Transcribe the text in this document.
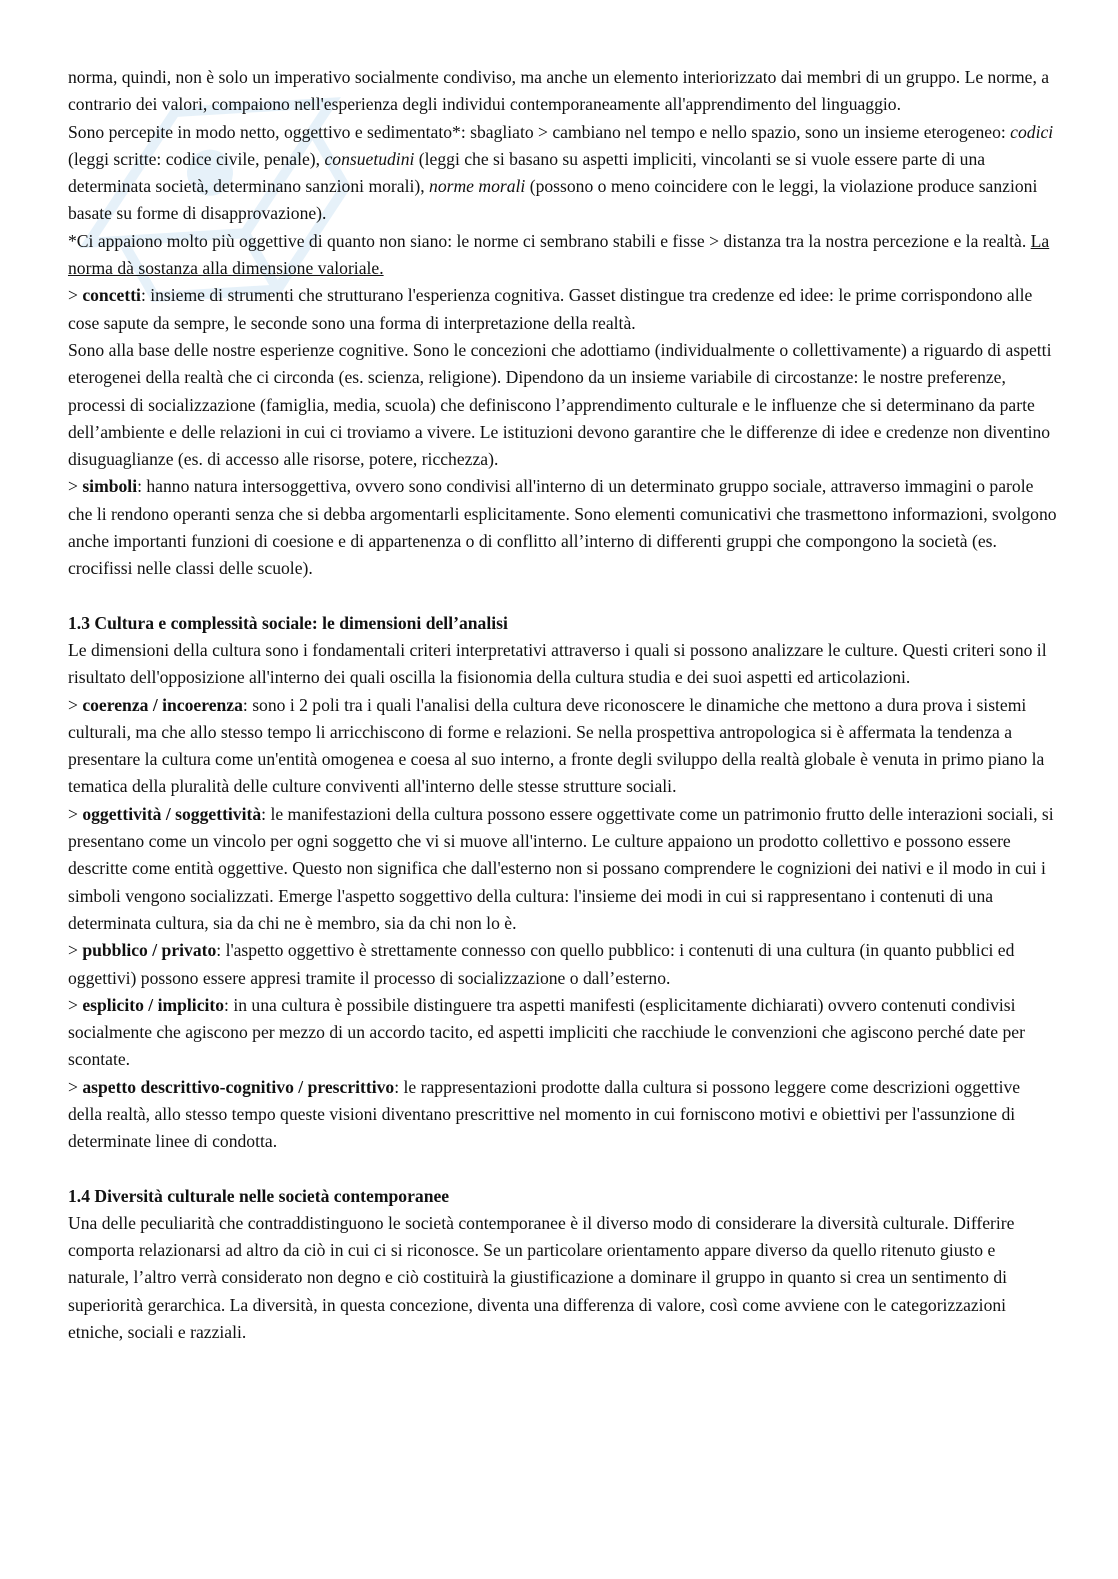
norma, quindi, non è solo un imperativo socialmente condiviso, ma anche un elemento interiorizzato dai membri di un gruppo. Le norme, a contrario dei valori, compaiono nell'esperienza degli individui contemporaneamente all'apprendimento del linguaggio.

Sono percepite in modo netto, oggettivo e sedimentato*: sbagliato > cambiano nel tempo e nello spazio, sono un insieme eterogeneo: codici (leggi scritte: codice civile, penale), consuetudini (leggi che si basano su aspetti impliciti, vincolanti se si vuole essere parte di una determinata società, determinano sanzioni morali), norme morali (possono o meno coincidere con le leggi, la violazione produce sanzioni basate su forme di disapprovazione).

*Ci appaiono molto più oggettive di quanto non siano: le norme ci sembrano stabili e fisse > distanza tra la nostra percezione e la realtà. La norma dà sostanza alla dimensione valoriale.

> concetti: insieme di strumenti che strutturano l'esperienza cognitiva. Gasset distingue tra credenze ed idee: le prime corrispondono alle cose sapute da sempre, le seconde sono una forma di interpretazione della realtà.

Sono alla base delle nostre esperienze cognitive. Sono le concezioni che adottiamo (individualmente o collettivamente) a riguardo di aspetti eterogenei della realtà che ci circonda (es. scienza, religione). Dipendono da un insieme variabile di circostanze: le nostre preferenze, processi di socializzazione (famiglia, media, scuola) che definiscono l’apprendimento culturale e le influenze che si determinano da parte dell’ambiente e delle relazioni in cui ci troviamo a vivere. Le istituzioni devono garantire che le differenze di idee e credenze non diventino disuguaglianze (es. di accesso alle risorse, potere, ricchezza).

> simboli: hanno natura intersoggettiva, ovvero sono condivisi all'interno di un determinato gruppo sociale, attraverso immagini o parole che li rendono operanti senza che si debba argomentarli esplicitamente. Sono elementi comunicativi che trasmettono informazioni, svolgono anche importanti funzioni di coesione e di appartenenza o di conflitto all’interno di differenti gruppi che compongono la società (es. crocifissi nelle classi delle scuole).

1.3 Cultura e complessità sociale: le dimensioni dell’analisi

Le dimensioni della cultura sono i fondamentali criteri interpretativi attraverso i quali si possono analizzare le culture. Questi criteri sono il risultato dell'opposizione all'interno dei quali oscilla la fisionomia della cultura studia e dei suoi aspetti ed articolazioni.

> coerenza / incoerenza: sono i 2 poli tra i quali l'analisi della cultura deve riconoscere le dinamiche che mettono a dura prova i sistemi culturali, ma che allo stesso tempo li arricchiscono di forme e relazioni. Se nella prospettiva antropologica si è affermata la tendenza a presentare la cultura come un'entità omogenea e coesa al suo interno, a fronte degli sviluppo della realtà globale è venuta in primo piano la tematica della pluralità delle culture conviventi all'interno delle stesse strutture sociali.

> oggettività / soggettività: le manifestazioni della cultura possono essere oggettivate come un patrimonio frutto delle interazioni sociali, si presentano come un vincolo per ogni soggetto che vi si muove all'interno. Le culture appaiono un prodotto collettivo e possono essere descritte come entità oggettive. Questo non significa che dall'esterno non si possano comprendere le cognizioni dei nativi e il modo in cui i simboli vengono socializzati. Emerge l'aspetto soggettivo della cultura: l'insieme dei modi in cui si rappresentano i contenuti di una determinata cultura, sia da chi ne è membro, sia da chi non lo è.

> pubblico / privato: l'aspetto oggettivo è strettamente connesso con quello pubblico: i contenuti di una cultura (in quanto pubblici ed oggettivi) possono essere appresi tramite il processo di socializzazione o dall’esterno.

> esplicito / implicito: in una cultura è possibile distinguere tra aspetti manifesti (esplicitamente dichiarati) ovvero contenuti condivisi socialmente che agiscono per mezzo di un accordo tacito, ed aspetti impliciti che racchiude le convenzioni che agiscono perché date per scontate.

> aspetto descrittivo-cognitivo / prescrittivo: le rappresentazioni prodotte dalla cultura si possono leggere come descrizioni oggettive della realtà, allo stesso tempo queste visioni diventano prescrittive nel momento in cui forniscono motivi e obiettivi per l'assunzione di determinate linee di condotta.

1.4 Diversità culturale nelle società contemporanee

Una delle peculiarità che contraddistinguono le società contemporanee è il diverso modo di considerare la diversità culturale. Differire comporta relazionarsi ad altro da ciò in cui ci si riconosce. Se un particolare orientamento appare diverso da quello ritenuto giusto e naturale, l’altro verrà considerato non degno e ciò costituirà la giustificazione a dominare il gruppo in quanto si crea un sentimento di superiorità gerarchica. La diversità, in questa concezione, diventa una differenza di valore, così come avviene con le categorizzazioni etniche, sociali e razziali.
